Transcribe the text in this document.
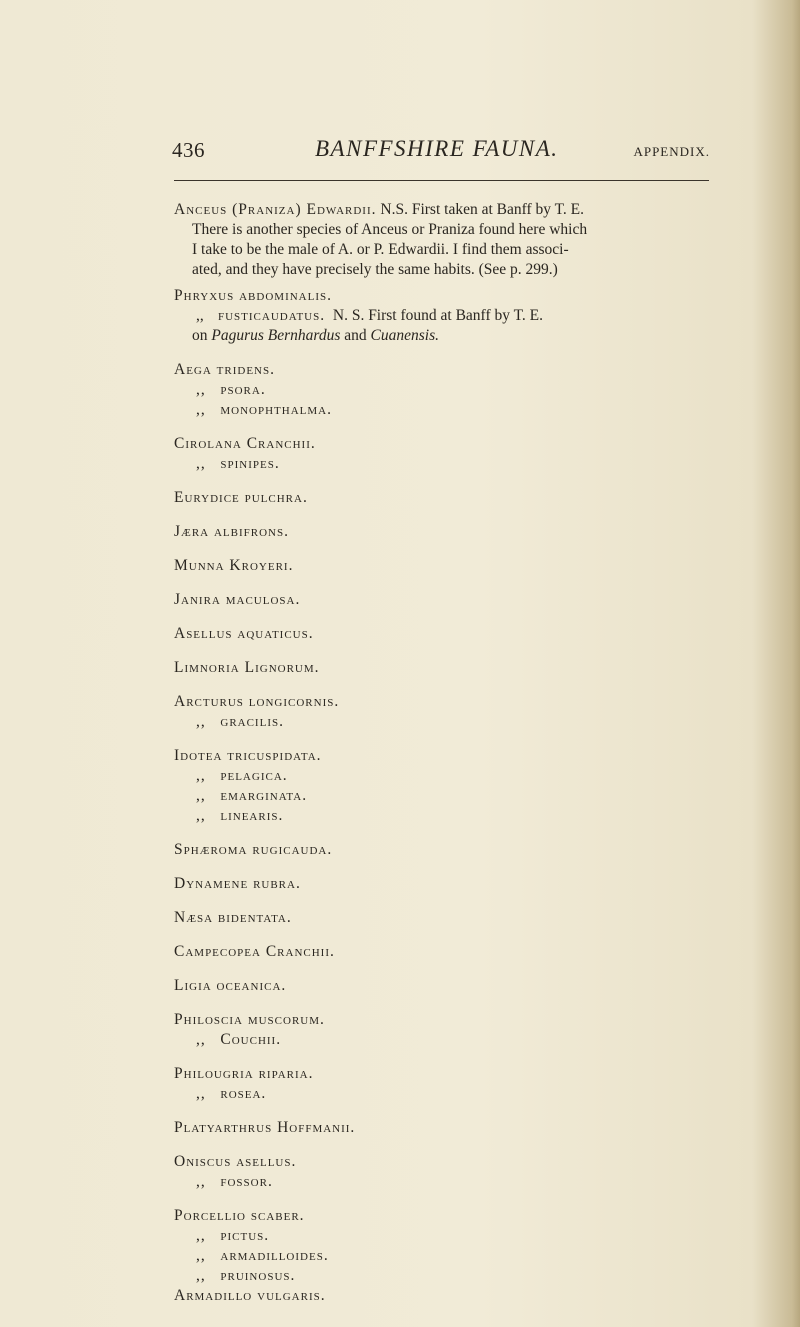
436	BANFFSHIRE FAUNA.	APPENDIX.
Anceus (Praniza) Edwardii. N.S. First taken at Banff by T. E.
There is another species of Anceus or Praniza found here which
I take to be the male of A. or P. Edwardii. I find them associ-
ated, and they have precisely the same habits. (See p. 299.)
Phryxus abdominalis.
,, fusticaudatus. N. S. First found at Banff by T. E.
on Pagurus Bernhardus and Cuanensis.
Aega tridens.
,,   psora.
,,   monophthalma.
Cirolana Cranchii.
,,   spinipes.
Eurydice pulchra.
Jæra albifrons.
Munna Kroyeri.
Janira maculosa.
Asellus aquaticus.
Limnoria Lignorum.
Arcturus longicornis.
,,   gracilis.
Idotea tricuspidata.
,,   pelagica.
,,   emarginata.
,,   linearis.
Sphæroma rugicauda.
Dynamene rubra.
Næsa bidentata.
Campecopea Cranchii.
Ligia oceanica.
Philoscia muscorum.
,,   Couchii.
Philougria riparia.
,,   rosea.
Platyarthrus Hoffmanii.
Oniscus asellus.
,,   fossor.
Porcellio scaber.
,,   pictus.
,,   armadilloides.
,,   pruinosus.
Armadillo vulgaris.
